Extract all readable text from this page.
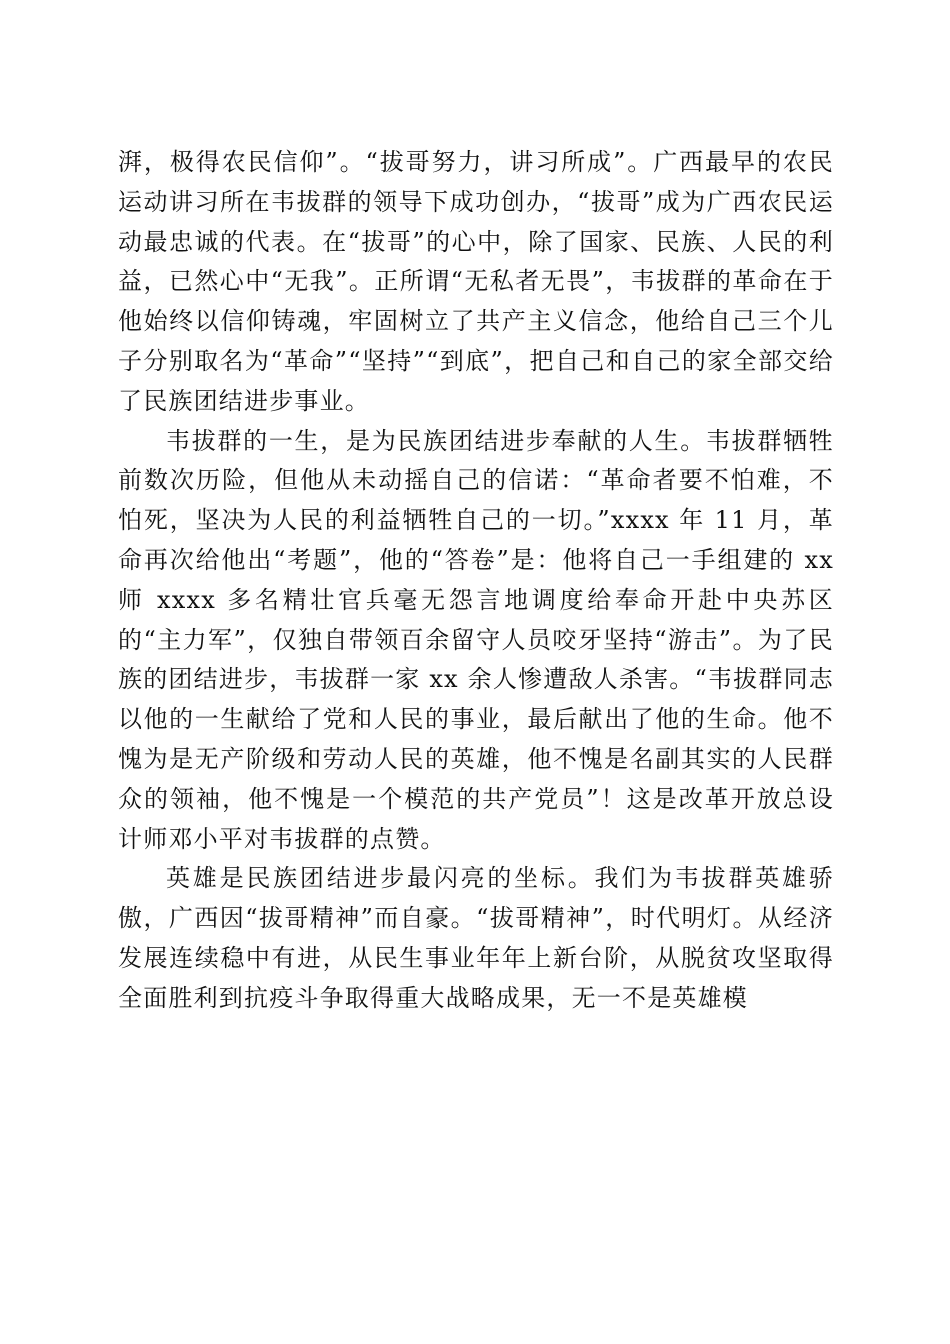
湃，极得农民信仰”。“拔哥努力，讲习所成”。广西最早的农民运动讲习所在韦拔群的领导下成功创办，“拔哥”成为广西农民运动最忠诚的代表。在“拔哥”的心中，除了国家、民族、人民的利益，已然心中“无我”。正所谓“无私者无畏”，韦拔群的革命在于他始终以信仰铸魂，牢固树立了共产主义信念，他给自己三个儿子分别取名为“革命”“坚持”“到底”，把自己和自己的家全部交给了民族团结进步事业。

韦拔群的一生，是为民族团结进步奉献的人生。韦拔群牺牲前数次历险，但他从未动摇自己的信诺：“革命者要不怕难，不怕死，坚决为人民的利益牺牲自己的一切。”xxxx 年 11 月，革命再次给他出“考题”，他的“答卷”是：他将自己一手组建的 xx 师 xxxx 多名精壮官兵毫无怨言地调度给奉命开赴中央苏区的“主力军”，仅独自带领百余留守人员咬牙坚持“游击”。为了民族的团结进步，韦拔群一家 xx 余人惨遭敌人杀害。“韦拔群同志以他的一生献给了党和人民的事业，最后献出了他的生命。他不愧为是无产阶级和劳动人民的英雄，他不愧是名副其实的人民群众的领袖，他不愧是一个模范的共产党员”！这是改革开放总设计师邓小平对韦拔群的点赞。

英雄是民族团结进步最闪亮的坐标。我们为韦拔群英雄骄傲，广西因“拔哥精神”而自豪。“拔哥精神”，时代明灯。从经济发展连续稳中有进，从民生事业年年上新台阶，从脱贫攻坚取得全面胜利到抗疫斗争取得重大战略成果，无一不是英雄模
